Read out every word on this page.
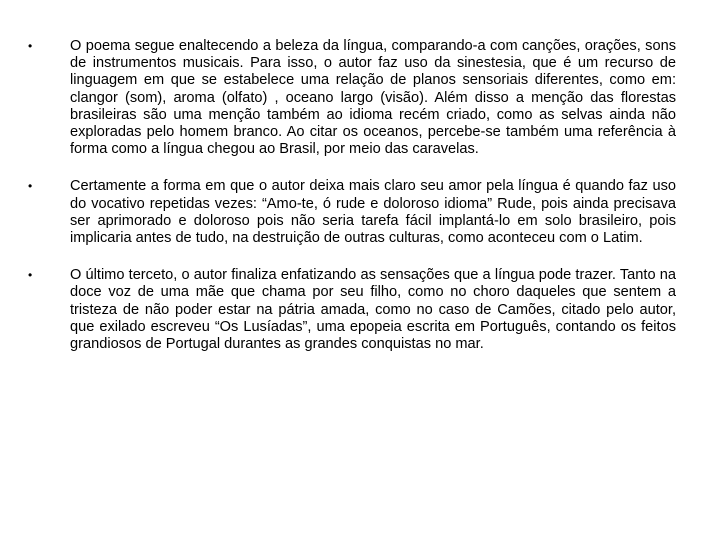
•	O poema segue enaltecendo a beleza da língua, comparando-a com canções, orações, sons de instrumentos musicais. Para isso, o autor faz uso da sinestesia, que é um recurso de linguagem em que se estabelece uma relação de planos sensoriais diferentes, como em: clangor (som), aroma (olfato) , oceano largo (visão). Além disso a menção das florestas brasileiras são uma menção também ao idioma recém criado, como as selvas ainda não exploradas pelo homem branco. Ao citar os oceanos, percebe-se também uma referência à forma como a língua chegou ao Brasil, por meio das caravelas.
•	Certamente a forma em que o autor deixa mais claro seu amor pela língua é quando faz uso do vocativo repetidas vezes: “Amo-te, ó rude e doloroso idioma” Rude, pois ainda precisava ser aprimorado e doloroso pois não seria tarefa fácil implantá-lo em solo brasileiro, pois implicaria antes de tudo, na destruição de outras culturas, como aconteceu com o Latim.
•	O último terceto, o autor finaliza enfatizando as sensações que a língua pode trazer. Tanto na doce voz de uma mãe que chama por seu filho, como no choro daqueles que sentem a tristeza de não poder estar na pátria amada, como no caso de Camões, citado pelo autor, que exilado escreveu “Os Lusíadas”, uma epopeia escrita em Português, contando os feitos grandiosos de Portugal durantes as grandes conquistas no mar.
